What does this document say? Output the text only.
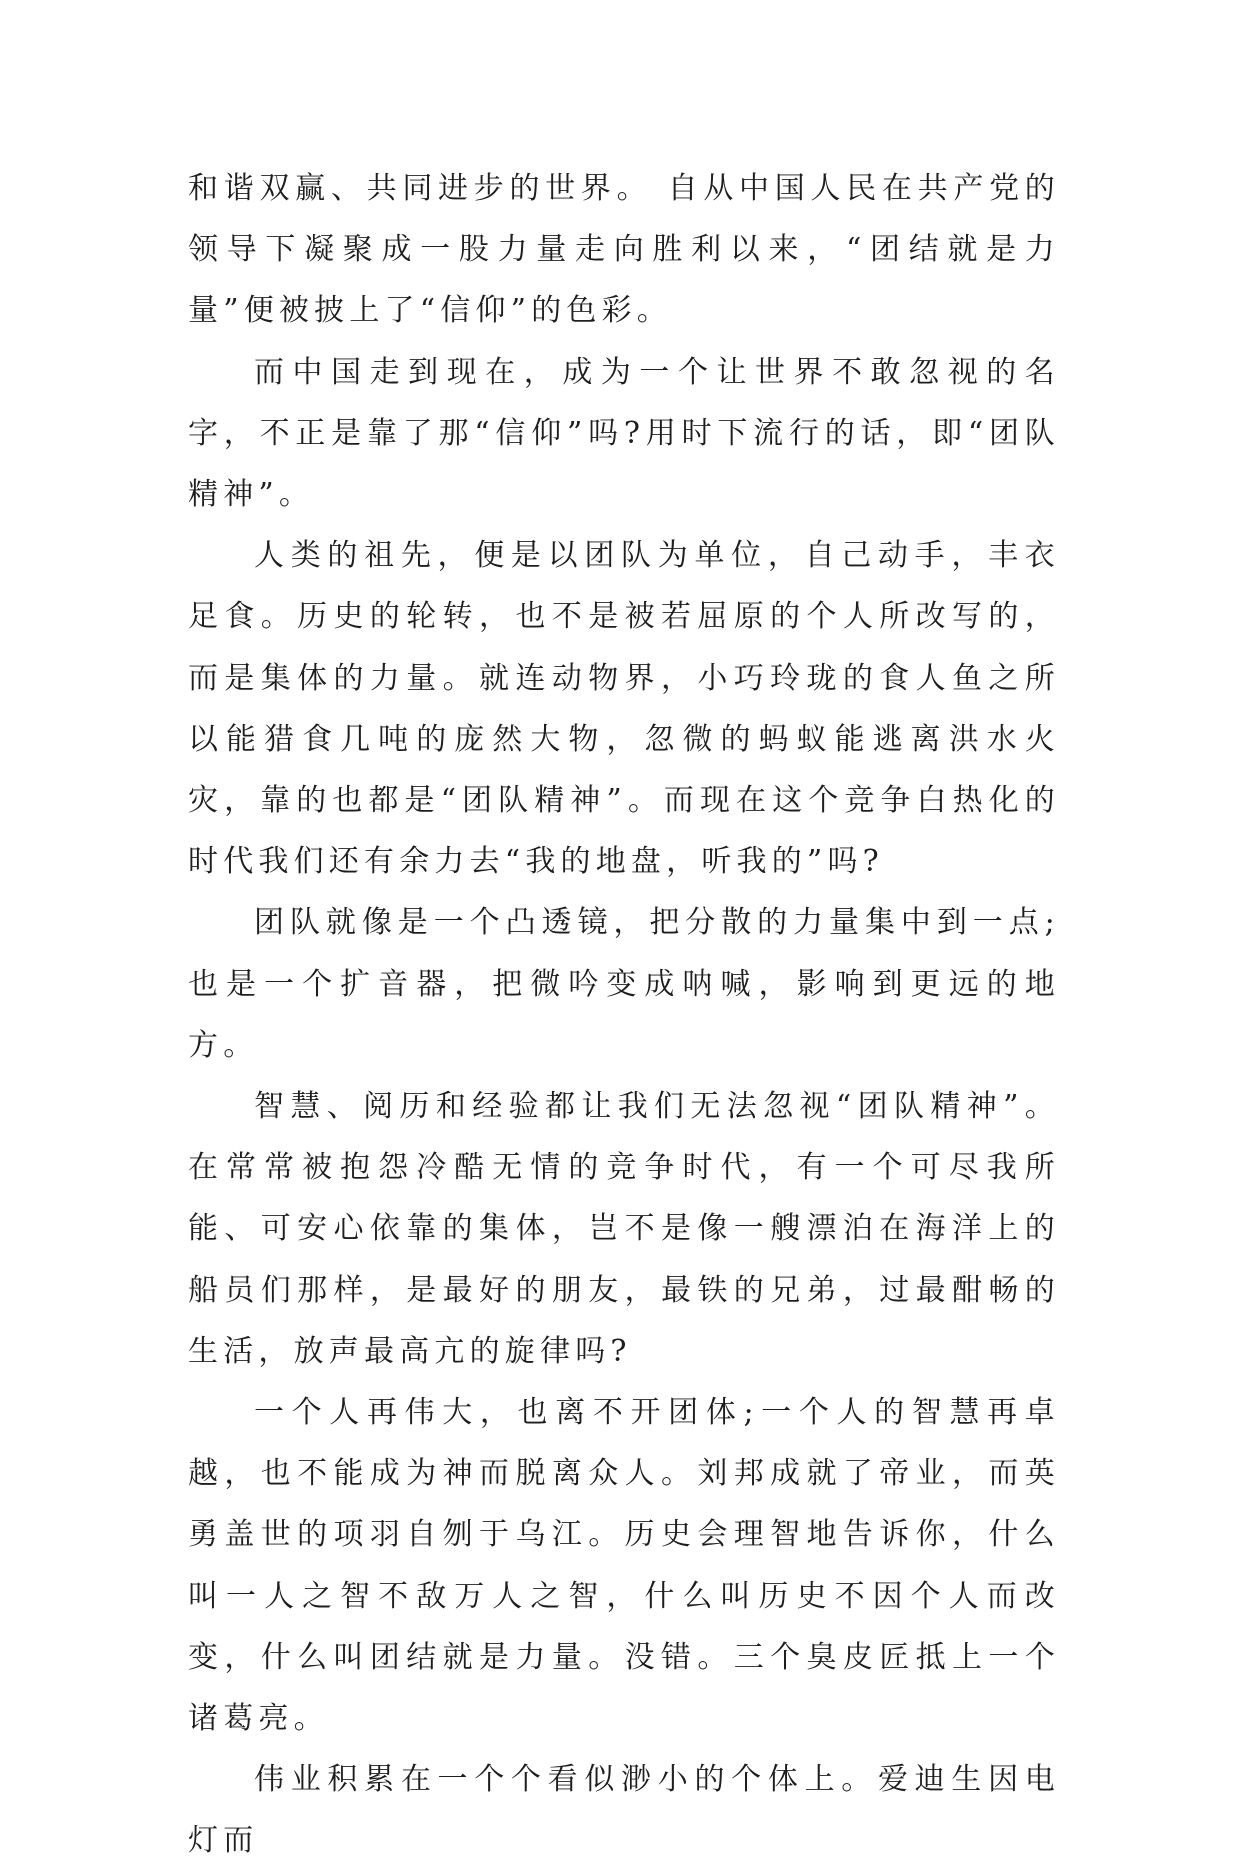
和谐双赢、共同进步的世界。 自从中国人民在共产党的领导下凝聚成一股力量走向胜利以来，“团结就是力量”便被披上了“信仰”的色彩。

而中国走到现在，成为一个让世界不敢忽视的名字，不正是靠了那“信仰”吗?用时下流行的话，即“团队精神”。

人类的祖先，便是以团队为单位，自己动手，丰衣足食。历史的轮转，也不是被若屈原的个人所改写的，而是集体的力量。就连动物界，小巧玲珑的食人鱼之所以能猎食几吨的庞然大物，忽微的蚂蚁能逃离洪水火灾，靠的也都是“团队精神”。而现在这个竞争白热化的时代我们还有余力去“我的地盘，听我的”吗?

团队就像是一个凸透镜，把分散的力量集中到一点;也是一个扩音器，把微吟变成呐喊，影响到更远的地方。

智慧、阅历和经验都让我们无法忽视“团队精神”。在常常被抱怨冷酷无情的竞争时代，有一个可尽我所能、可安心依靠的集体，岂不是像一艘漂泊在海洋上的船员们那样，是最好的朋友，最铁的兄弟，过最酣畅的生活，放声最高亢的旋律吗?

一个人再伟大，也离不开团体;一个人的智慧再卓越，也不能成为神而脱离众人。刘邦成就了帝业，而英勇盖世的项羽自刎于乌江。历史会理智地告诉你，什么叫一人之智不敌万人之智，什么叫历史不因个人而改变，什么叫团结就是力量。没错。三个臭皮匠抵上一个诸葛亮。

伟业积累在一个个看似渺小的个体上。爱迪生因电灯而
